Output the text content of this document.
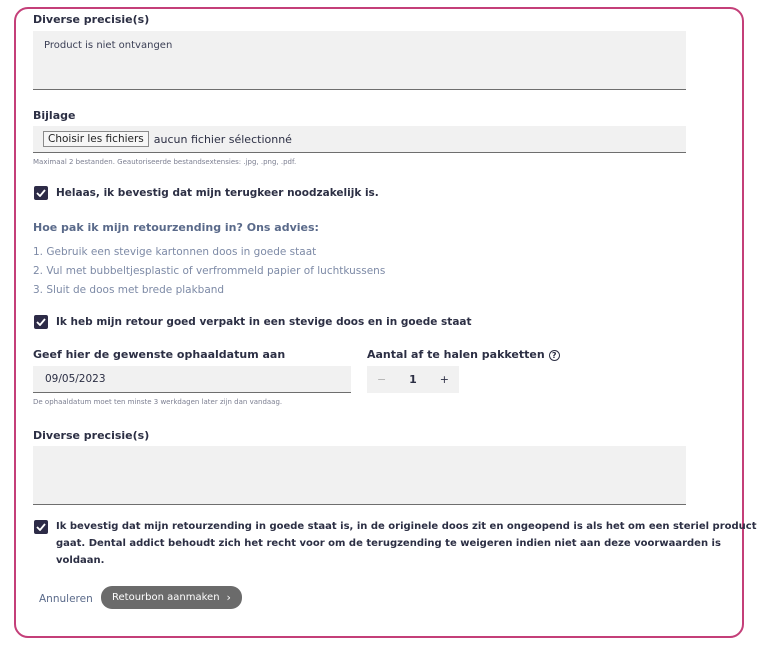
Diverse precisie(s)
Product is niet ontvangen
Bijlage
Choisir les fichiers aucun fichier sélectionné
Maximaal 2 bestanden. Geautoriseerde bestandsextensies: .jpg, .png, .pdf.
Helaas, ik bevestig dat mijn terugkeer noodzakelijk is.
Hoe pak ik mijn retourzending in? Ons advies:
1. Gebruik een stevige kartonnen doos in goede staat
2. Vul met bubbeltjesplastic of verfrommeld papier of luchtkussens
3. Sluit de doos met brede plakband
Ik heb mijn retour goed verpakt in een stevige doos en in goede staat
Geef hier de gewenste ophaaldatum aan
09/05/2023
De ophaaldatum moet ten minste 3 werkdagen later zijn dan vandaag.
Aantal af te halen pakketten ?
− 1 +
Diverse precisie(s)
Ik bevestig dat mijn retourzending in goede staat is, in de originele doos zit en ongeopend is als het om een steriel product
gaat. Dental addict behoudt zich het recht voor om de terugzending te weigeren indien niet aan deze voorwaarden is
voldaan.
Annuleren Retourbon aanmaken ›
